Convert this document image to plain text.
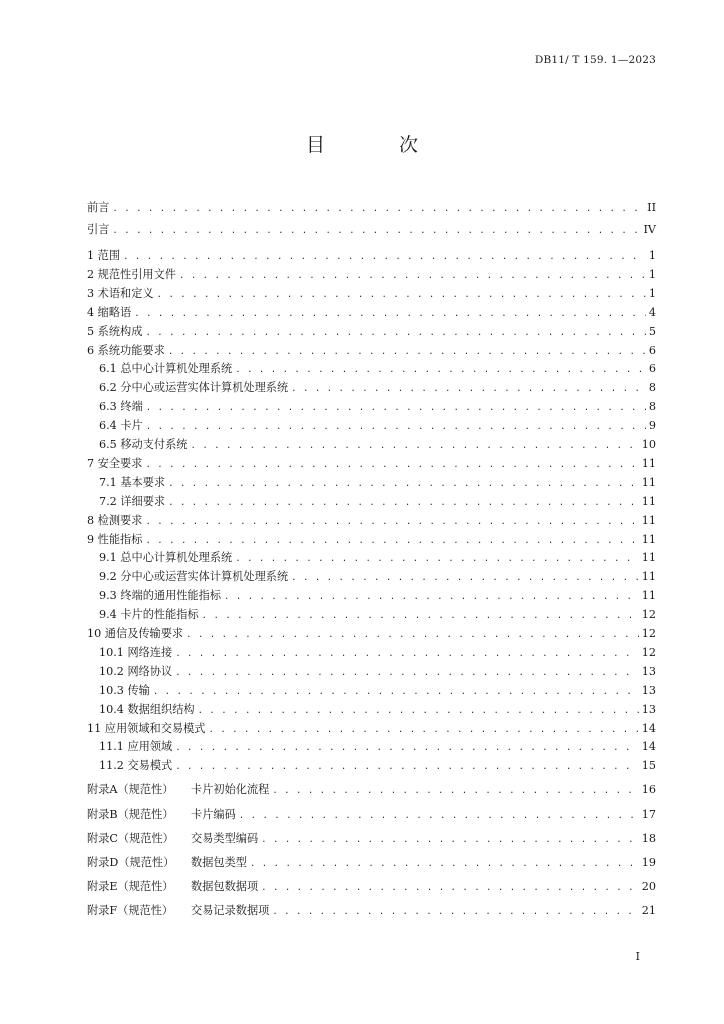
DB11/ T 159. 1—2023
目 次
前言 . . .	II
引言 . . .	IV
1 范围 . . .	1
2 规范性引用文件 . . .	1
3 术语和定义 . . .	1
4 缩略语 . . .	4
5 系统构成 . . .	5
6 系统功能要求 . . .	6
6.1 总中心计算机处理系统 . . .	6
6.2 分中心或运营实体计算机处理系统 . . .	8
6.3 终端 . . .	8
6.4 卡片 . . .	9
6.5 移动支付系统 . . .	10
7 安全要求 . . .	11
7.1 基本要求 . . .	11
7.2 详细要求 . . .	11
8 检测要求 . . .	11
9 性能指标 . . .	11
9.1 总中心计算机处理系统 . . .	11
9.2 分中心或运营实体计算机处理系统 . . .	11
9.3 终端的通用性能指标 . . .	11
9.4 卡片的性能指标 . . .	12
10 通信及传输要求 . . .	12
10.1 网络连接 . . .	12
10.2 网络协议 . . .	13
10.3 传输 . . .	13
10.4 数据组织结构 . . .	13
11 应用领域和交易模式 . . .	14
11.1 应用领域 . . .	14
11.2 交易模式 . . .	15
附录A（规范性） 卡片初始化流程 . . .	16
附录B（规范性） 卡片编码 . . .	17
附录C（规范性） 交易类型编码 . . .	18
附录D（规范性） 数据包类型 . . .	19
附录E（规范性） 数据包数据项 . . .	20
附录F（规范性） 交易记录数据项 . . .	21
I
